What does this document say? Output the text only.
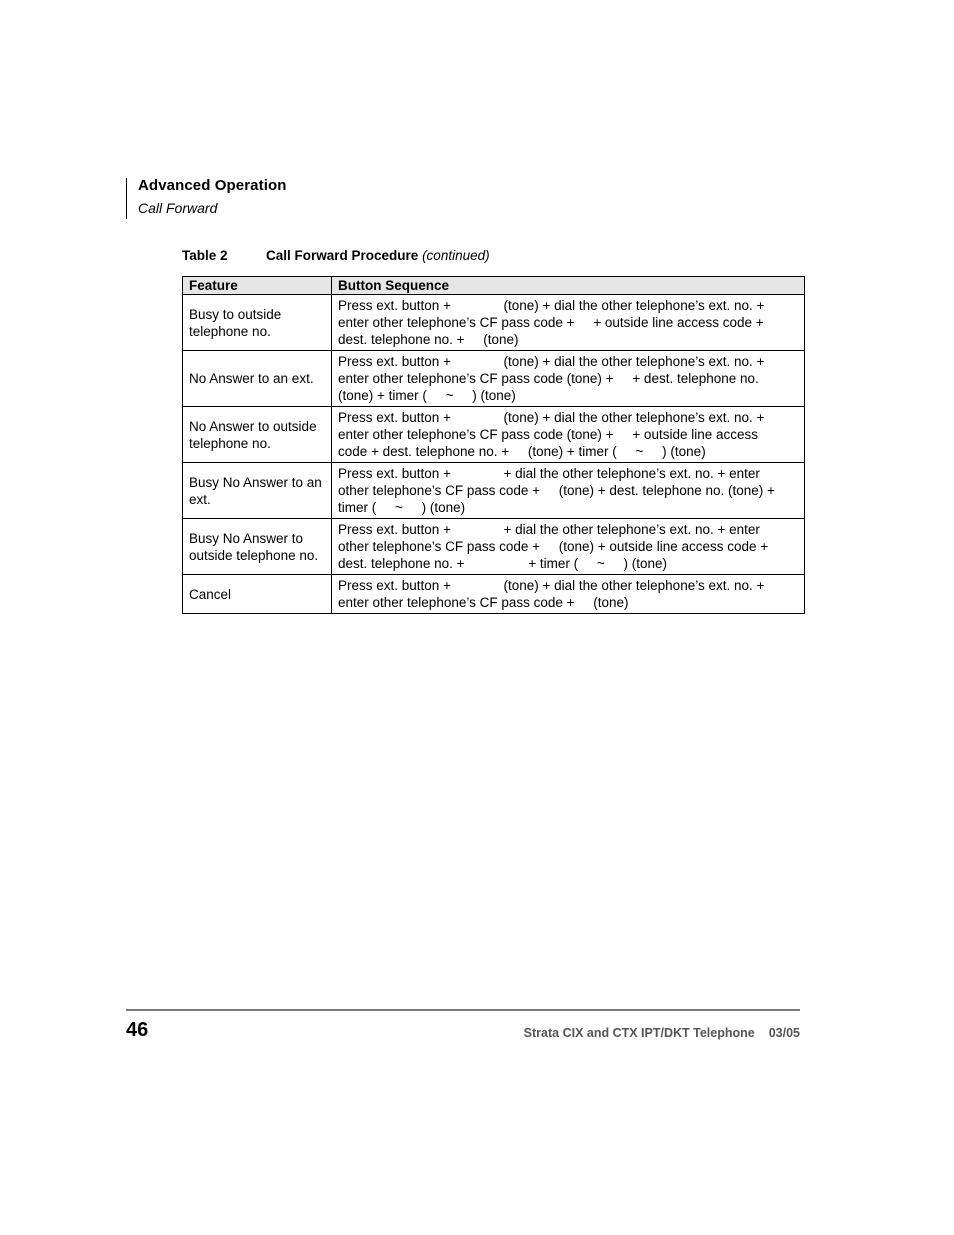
Advanced Operation
Call Forward
Table 2	Call Forward Procedure (continued)
Feature	Button Sequence
Busy to outside telephone no.	Press ext. button +              (tone) + dial the other telephone’s ext. no. +
enter other telephone’s CF pass code +     + outside line access code +
dest. telephone no. +     (tone)

No Answer to an ext.	Press ext. button +              (tone) + dial the other telephone’s ext. no. +
enter other telephone’s CF pass code (tone) +     + dest. telephone no.
(tone) + timer (     ~     ) (tone)

No Answer to outside telephone no.	Press ext. button +              (tone) + dial the other telephone’s ext. no. +
enter other telephone’s CF pass code (tone) +     + outside line access
code + dest. telephone no. +     (tone) + timer (     ~     ) (tone)

Busy No Answer to an ext.	Press ext. button +              + dial the other telephone’s ext. no. + enter
other telephone’s CF pass code +     (tone) + dest. telephone no. (tone) +
timer (     ~     ) (tone)

Busy No Answer to outside telephone no.	Press ext. button +              + dial the other telephone’s ext. no. + enter
other telephone’s CF pass code +     (tone) + outside line access code +
dest. telephone no. +                 + timer (     ~     ) (tone)

Cancel	Press ext. button +              (tone) + dial the other telephone’s ext. no. +
enter other telephone’s CF pass code +     (tone)
46	Strata CIX and CTX IPT/DKT Telephone 03/05
